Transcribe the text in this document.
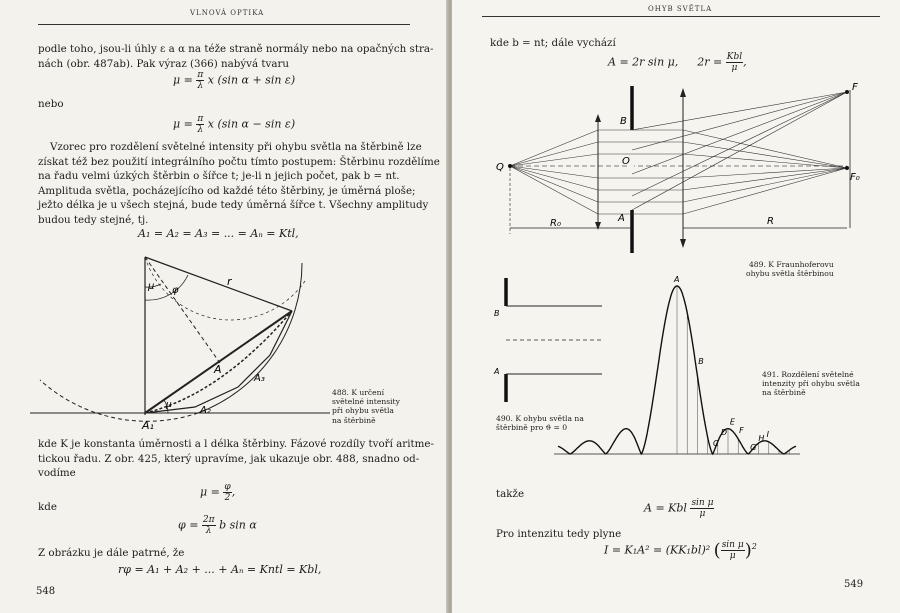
VLNOVÁ OPTIKA
podle toho, jsou-li úhly ε a α na téže straně normály nebo na opačných stra-
nách (obr. 487ab). Pak výraz (366) nabývá tvaru
$\mu = \frac{\pi}{\lambda}$ x (sin α + sin ε)
nebo
$\mu = \frac{\pi}{\lambda}$ x (sin α − sin ε)
Vzorec pro rozdělení světelné intensity při ohybu světla na štěrbině lze
získat též bez použití integrálního počtu tímto postupem: Štěrbinu rozdělíme
na řadu velmi úzkých štěrbin o šířce t; je-li n jejich počet, pak b = nt.
Amplituda světla, pocházejícího od každé této štěrbiny, je úměrná ploše;
ježto délka je u všech stejná, bude tedy úměrná šířce t. Všechny amplitudy
budou tedy stejné, tj.
A₁ = A₂ = A₃ = ... = Aₙ = Ktl,
μ φ
r
μ
A
A₃
A₂
A₁
488. K určení
světelné intensity
při ohybu světla
na štěrbině
kde K je konstanta úměrnosti a l délka štěrbiny. Fázové rozdíly tvoří aritme-
tickou řadu. Z obr. 425, který upravíme, jak ukazuje obr. 488, snadno od-
vodíme
$\mu = \frac{\varphi}{2}$ ,
kde
$\varphi = \frac{2\pi}{\lambda}$ b sin α
Z obrázku je dále patrné, že
rφ = A₁ + A₂ + ... + Aₙ = Kntl = Kbl,
548
OHYB SVĚTLA
kde b = nt; dále vychází
A = 2r sin μ, $2r = \frac{\text{Kbl}}{\mu}$ ,
Q
B
O
A
F
F₀
R₀	R
489. K Fraunhoferovu
ohybu světla štěrbinou
B
A
490. K ohybu světla na
štěrbině pro ϑ = 0
A
B
C
D
E
F
G
H I
491. Rozdělení světelné
intenzity při ohybu světla
na štěrbině
takže
A = Kbl $\frac{\text{sin μ}}{\mu}$
Pro intenzitu tedy plyne
I = K₁A² = (KK₁bl)² ( $\frac{\text{sin μ}}{\mu} )^2$
549
